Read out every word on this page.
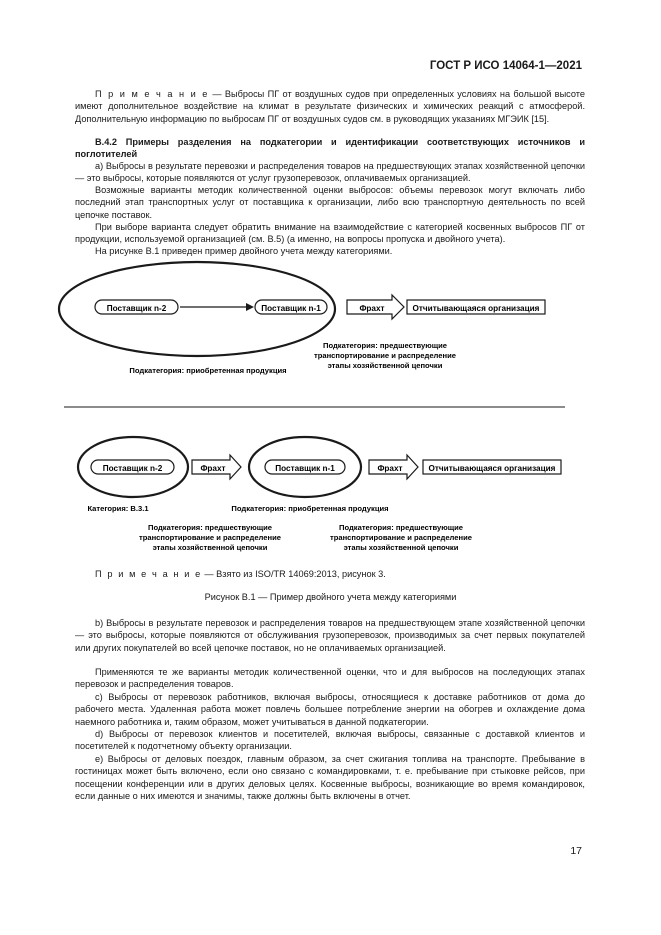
ГОСТ Р ИСО 14064-1—2021

П р и м е ч а н и е — Выбросы ПГ от воздушных судов при определенных условиях на большой высоте имеют дополнительное воздействие на климат в результате физических и химических реакций с атмосферой. Дополнительную информацию по выбросам ПГ от воздушных судов см. в руководящих указаниях МГЭИК [15].

В.4.2 Примеры разделения на подкатегории и идентификации соответствующих источников и поглотителей

а) Выбросы в результате перевозки и распределения товаров на предшествующих этапах хозяйственной цепочки — это выбросы, которые появляются от услуг грузоперевозок, оплачиваемых организацией.

Возможные варианты методик количественной оценки выбросов: объемы перевозок могут включать либо последний этап транспортных услуг от поставщика к организации, либо всю транспортную деятельность по всей цепочке поставок.

При выборе варианта следует обратить внимание на взаимодействие с категорией косвенных выбросов ПГ от продукции, используемой организацией (см. В.5) (а именно, на вопросы пропуска и двойного учета).

На рисунке В.1 приведен пример двойного учета между категориями.

Поставщик n-2	Поставщик n-1	Фрахт	Отчитывающаяся организация
Подкатегория: предшествующие
транспортирование и распределение
этапы хозяйственной цепочки
Подкатегория: приобретенная продукция
Поставщик n-2	Фрахт	Поставщик n-1	Фрахт	Отчитывающаяся организация
Категория: В.3.1	Подкатегория: приобретенная продукция
Подкатегория: предшествующие
транспортирование и распределение
этапы хозяйственной цепочки
Подкатегория: предшествующие
транспортирование и распределение
этапы хозяйственной цепочки

П р и м е ч а н и е — Взято из ISO/TR 14069:2013, рисунок 3.

Рисунок В.1 — Пример двойного учета между категориями

b) Выбросы в результате перевозок и распределения товаров на предшествующем этапе хозяйственной цепочки — это выбросы, которые появляются от обслуживания грузоперевозок, производимых за счет первых покупателей или других покупателей во всей цепочке поставок, но не оплачиваемых организацией.

Применяются те же варианты методик количественной оценки, что и для выбросов на последующих этапах перевозок и распределения товаров.

с) Выбросы от перевозок работников, включая выбросы, относящиеся к доставке работников от дома до рабочего места. Удаленная работа может повлечь большее потребление энергии на обогрев и охлаждение дома наемного работника и, таким образом, может учитываться в данной подкатегории.

d) Выбросы от перевозок клиентов и посетителей, включая выбросы, связанные с доставкой клиентов и посетителей к подотчетному объекту организации.

е) Выбросы от деловых поездок, главным образом, за счет сжигания топлива на транспорте. Пребывание в гостиницах может быть включено, если оно связано с командировками, т. е. пребывание при стыковке рейсов, при посещении конференции или в других деловых целях. Косвенные выбросы, возникающие во время командировок, если данные о них имеются и значимы, также должны быть включены в отчет.

17
